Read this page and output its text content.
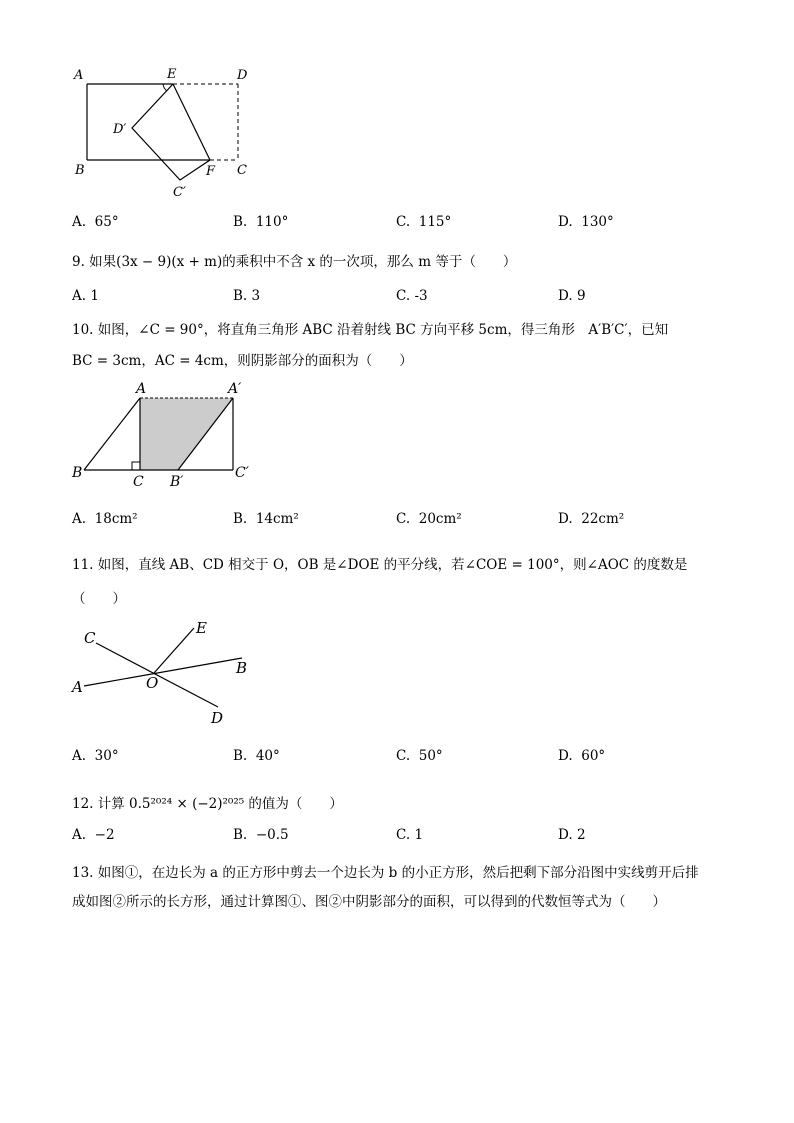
A	E	D
D′
B	F C
C′
A. 65°	B. 110°	C. 115°	D. 130°
9. 如果(3x − 9)(x + m)的乘积中不含 x 的一次项，那么 m 等于（　　）
A. 1	B. 3	C. -3	D. 9
10. 如图，∠C = 90°，将直角三角形 ABC 沿着射线 BC 方向平移 5cm，得三角形　A′B′C′，已知
BC = 3cm，AC = 4cm，则阴影部分的面积为（　　）
A	A′
B
C B′
C′
A. 18cm²	B. 14cm²	C. 20cm²	D. 22cm²
11. 如图，直线 AB、CD 相交于 O，OB 是∠DOE 的平分线，若∠COE = 100°，则∠AOC 的度数是
（　　）
C
E
B
A	O
D
A. 30°	B. 40°	C. 50°	D. 60°
12. 计算 0.5²⁰²⁴ × (−2)²⁰²⁵ 的值为（　　）
A. −2	B. −0.5	C. 1	D. 2
13. 如图①，在边长为 a 的正方形中剪去一个边长为 b 的小正方形，然后把剩下部分沿图中实线剪开后排
成如图②所示的长方形，通过计算图①、图②中阴影部分的面积，可以得到的代数恒等式为（　　）
